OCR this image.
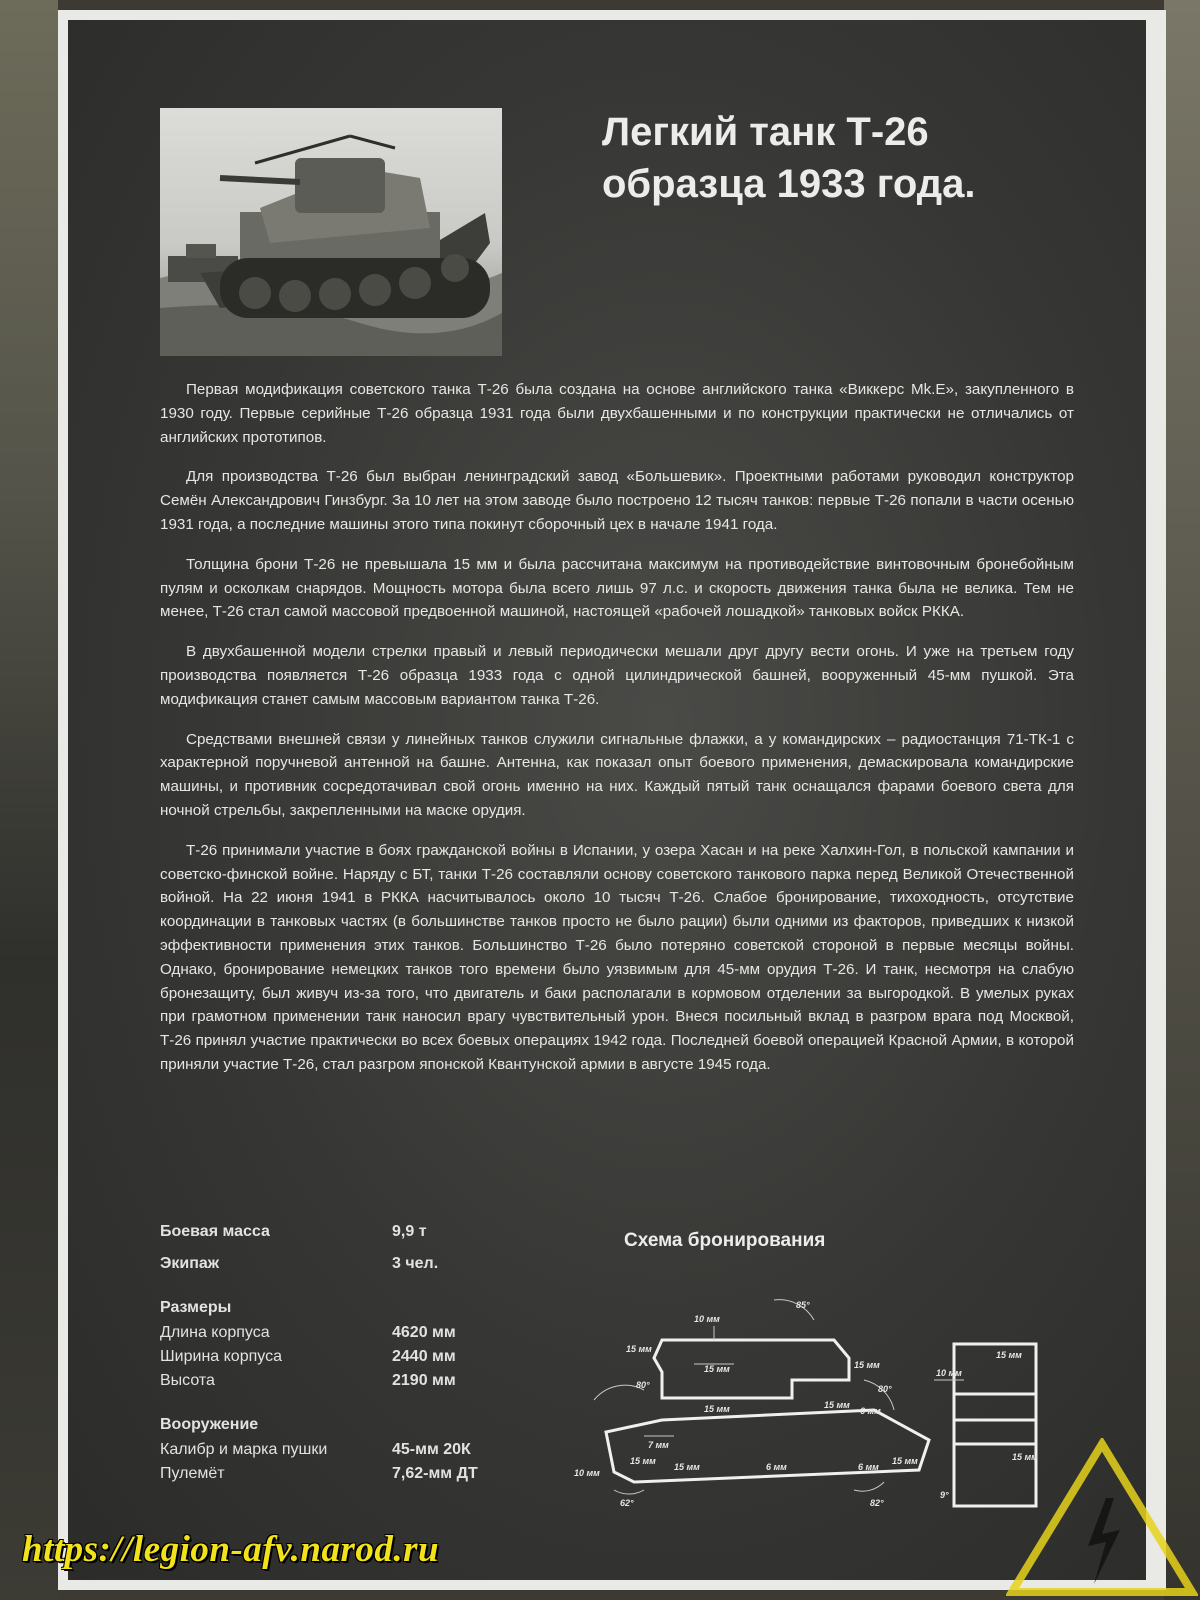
Легкий танк Т-26
образца 1933 года.

Первая модификация советского танка Т-26 была создана на основе английского танка «Виккерс Mk.E», закупленного в 1930 году. Первые серийные Т-26 образца 1931 года были двухбашенными и по конструкции практически не отличались от английских прототипов.

Для производства Т-26 был выбран ленинградский завод «Большевик». Проектными работами руководил конструктор Семён Александрович Гинзбург. За 10 лет на этом заводе было построено 12 тысяч танков: первые Т-26 попали в части осенью 1931 года, а последние машины этого типа покинут сборочный цех в начале 1941 года.

Толщина брони Т-26 не превышала 15 мм и была рассчитана максимум на противодействие винтовочным бронебойным пулям и осколкам снарядов. Мощность мотора была всего лишь 97 л.с. и скорость движения танка была не велика. Тем не менее, Т-26 стал самой массовой предвоенной машиной, настоящей «рабочей лошадкой» танковых войск РККА.

В двухбашенной модели стрелки правый и левый периодически мешали друг другу вести огонь. И уже на третьем году производства появляется Т-26 образца 1933 года с одной цилиндрической башней, вооруженный 45-мм пушкой. Эта модификация станет самым массовым вариантом танка Т-26.

Средствами внешней связи у линейных танков служили сигнальные флажки, а у командирских – радиостанция 71-ТК-1 с характерной поручневой антенной на башне. Антенна, как показал опыт боевого применения, демаскировала командирские машины, и противник сосредотачивал свой огонь именно на них. Каждый пятый танк оснащался фарами боевого света для ночной стрельбы, закрепленными на маске орудия.

Т-26 принимали участие в боях гражданской войны в Испании, у озера Хасан и на реке Халхин-Гол, в польской кампании и советско-финской войне. Наряду с БТ, танки Т-26 составляли основу советского танкового парка перед Великой Отечественной войной. На 22 июня 1941 в РККА насчитывалось около 10 тысяч Т-26. Слабое бронирование, тихоходность, отсутствие координации в танковых частях (в большинстве танков просто не было рации) были одними из факторов, приведших к низкой эффективности применения этих танков. Большинство Т-26 было потеряно советской стороной в первые месяцы войны. Однако, бронирование немецких танков того времени было уязвимым для 45-мм орудия Т-26. И танк, несмотря на слабую бронезащиту, был живуч из-за того, что двигатель и баки располагали в кормовом отделении за выгородкой. В умелых руках при грамотном применении танк наносил врагу чувствительный урон. Внеся посильный вклад в разгром врага под Москвой, Т-26 принял участие практически во всех боевых операциях 1942 года. Последней боевой операцией Красной Армии, в которой приняли участие Т-26, стал разгром японской Квантунской армии в августе 1945 года.

Боевая масса	9,9 т
Экипаж	3 чел.
Размеры
Длина корпуса	4620 мм
Ширина корпуса	2440 мм
Высота	2190 мм
Вооружение
Калибр и марка пушки	45-мм 20К
Пулемёт	7,62-мм ДТ
Схема бронирования
10 мм
85°
15 мм
15 мм	15 мм
80°
15 мм	15 мм
6 мм
80°
7 мм
15 мм
15 мм	6 мм	6 мм
15 мм
10 мм
62°	82°
9°
15 мм
10 мм
15 мм
https://legion-afv.narod.ru
